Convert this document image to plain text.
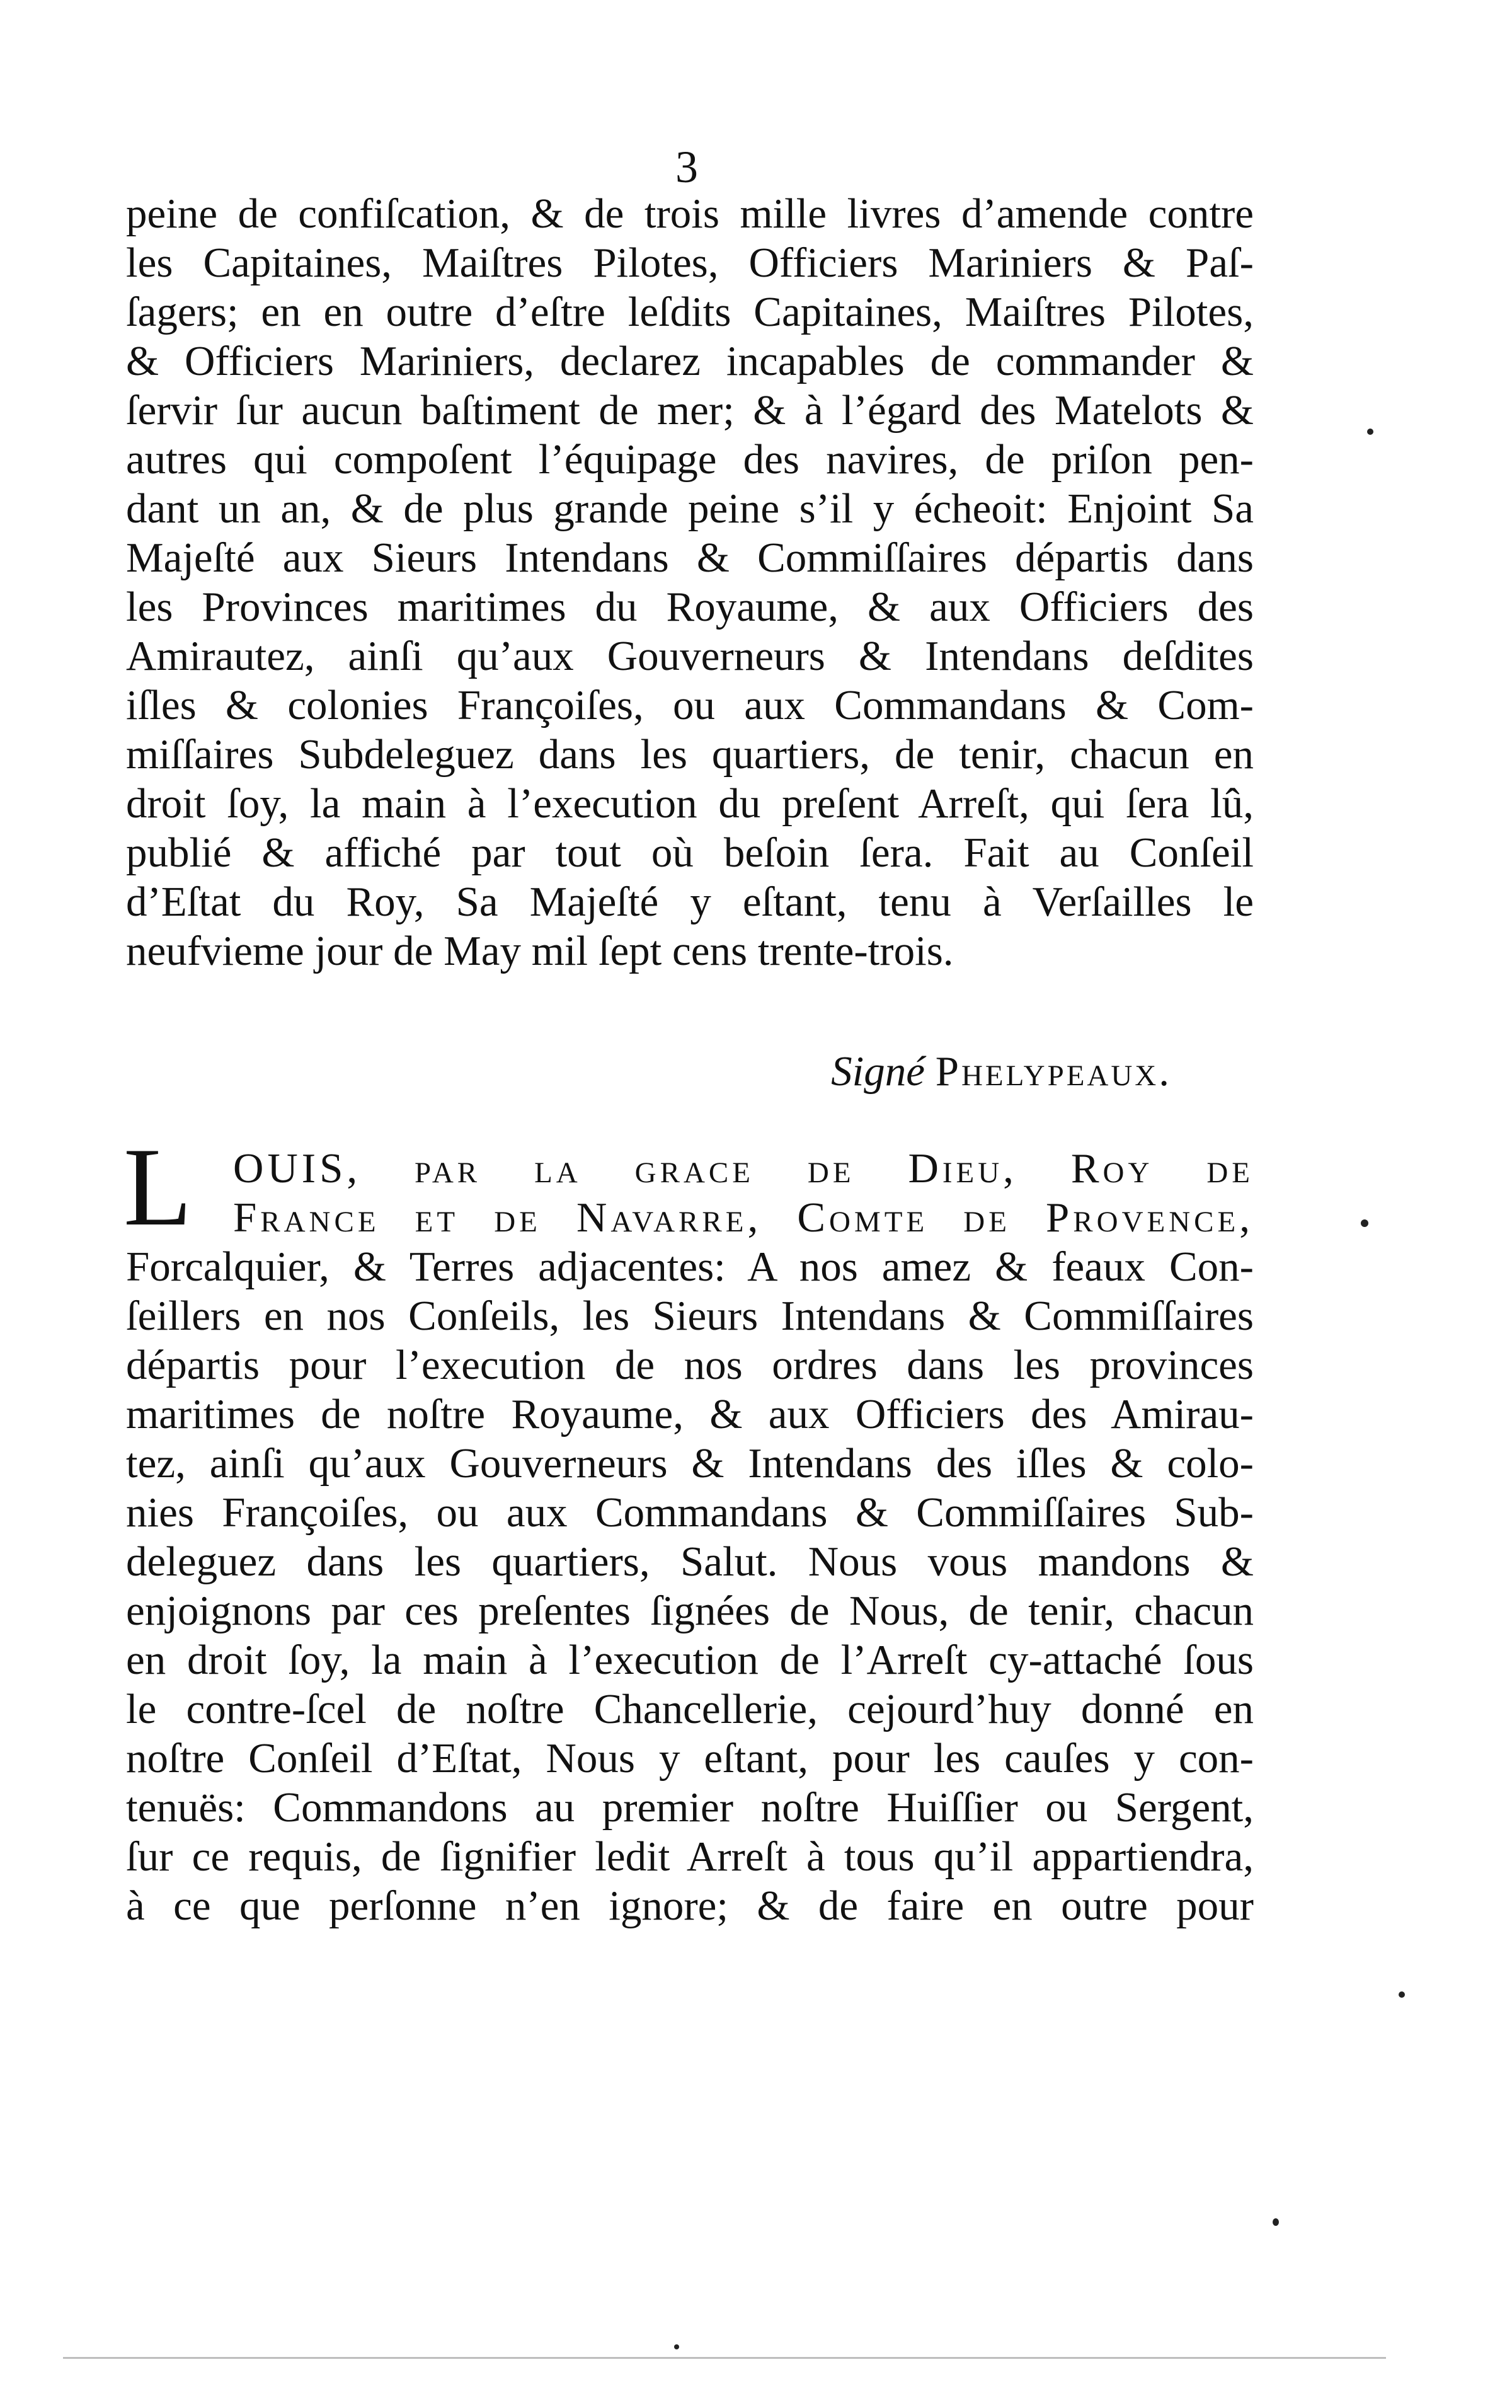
3
peine de confiſcation, & de trois mille livres d’amende contre
les Capitaines, Maiſtres Pilotes, Officiers Mariniers & Paſ-
ſagers; en en outre d’eſtre leſdits Capitaines, Maiſtres Pilotes,
& Officiers Mariniers, declarez incapables de commander &
ſervir ſur aucun baſtiment de mer; & à l’égard des Matelots &
autres qui compoſent l’équipage des navires, de priſon pen-
dant un an, & de plus grande peine s’il y écheoit: Enjoint Sa
Majeſté aux Sieurs Intendans & Commiſſaires départis dans
les Provinces maritimes du Royaume, & aux Officiers des
Amirautez, ainſi qu’aux Gouverneurs & Intendans deſdites
iſles & colonies Françoiſes, ou aux Commandans & Com-
miſſaires Subdeleguez dans les quartiers, de tenir, chacun en
droit ſoy, la main à l’execution du preſent Arreſt, qui ſera lû,
publié & affiché par tout où beſoin ſera. Fait au Conſeil
d’Eſtat du Roy, Sa Majeſté y eſtant, tenu à Verſailles le
neufvieme jour de May mil ſept cens trente-trois.
Signé Phelypeaux.
L OUIS, par la grace de Dieu, Roy de
France et de Navarre, Comte de Provence,
Forcalquier, & Terres adjacentes: A nos amez & feaux Con-
ſeillers en nos Conſeils, les Sieurs Intendans & Commiſſaires
départis pour l’execution de nos ordres dans les provinces
maritimes de noſtre Royaume, & aux Officiers des Amirau-
tez, ainſi qu’aux Gouverneurs & Intendans des iſles & colo-
nies Françoiſes, ou aux Commandans & Commiſſaires Sub-
deleguez dans les quartiers, Salut. Nous vous mandons &
enjoignons par ces preſentes ſignées de Nous, de tenir, chacun
en droit ſoy, la main à l’execution de l’Arreſt cy-attaché ſous
le contre-ſcel de noſtre Chancellerie, cejourd’huy donné en
noſtre Conſeil d’Eſtat, Nous y eſtant, pour les cauſes y con-
tenuës: Commandons au premier noſtre Huiſſier ou Sergent,
ſur ce requis, de ſignifier ledit Arreſt à tous qu’il appartiendra,
à ce que perſonne n’en ignore; & de faire en outre pour
